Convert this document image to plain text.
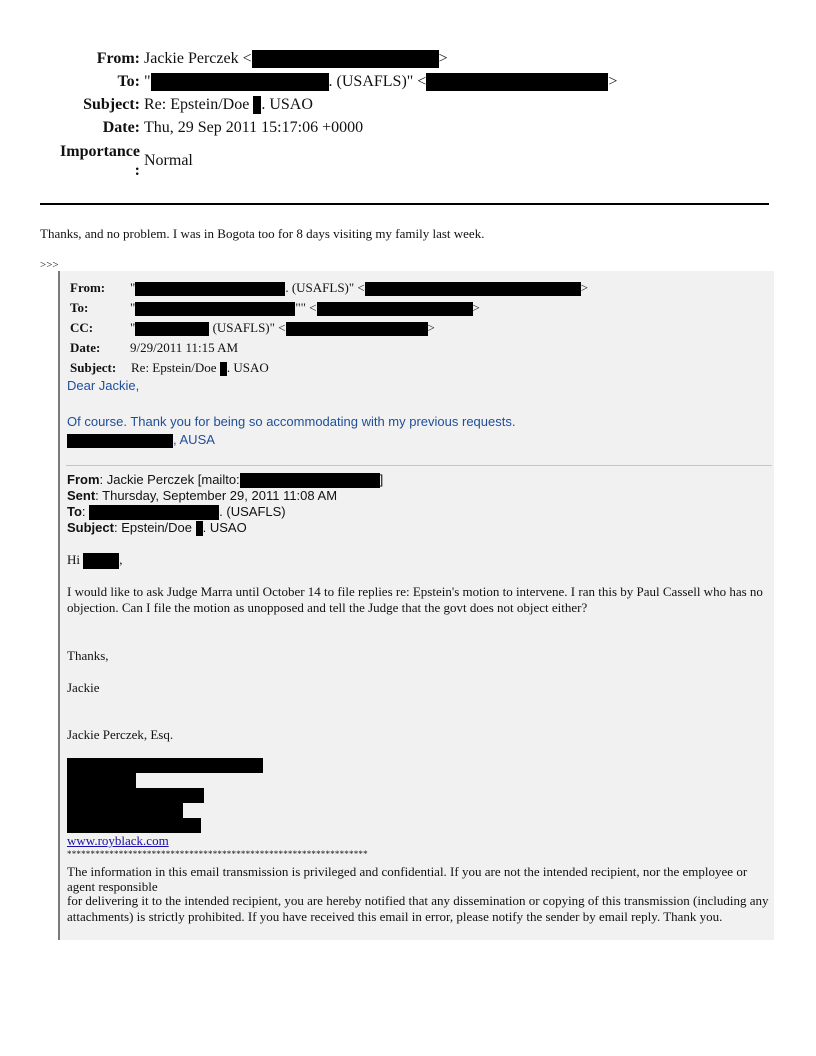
From: Jackie Perczek <	>
To: "	. (USAFLS)" <	>
Subject: Re: Epstein/Doe . USAO
Date: Thu, 29 Sep 2011 15:17:06 +0000
Importance
:
Normal
Thanks, and no problem. I was in Bogota too for 8 days visiting my family last week.
>>>
From: "	. (USAFLS)" <	>
To:	"	"" <	>
CC:	"	(USAFLS)" <	>
Date: 9/29/2011 11:15 AM
Subject: Re: Epstein/Doe . USAO
Dear Jackie,
Of course. Thank you for being so accommodating with my previous requests.
, AUSA
From: Jackie Perczek [mailto:	]
Sent: Thursday, September 29, 2011 11:08 AM
To:	. (USAFLS)
Subject: Epstein/Doe . USAO
Hi	,
I would like to ask Judge Marra until October 14 to file replies re: Epstein's motion to intervene. I ran this by Paul Cassell who has no objection. Can I file the motion as unopposed and tell the Judge that the govt does not object either?
Thanks,
Jackie
Jackie Perczek, Esq.
www.royblack.com
****************************************************************
The information in this email transmission is privileged and confidential. If you are not the intended recipient, nor the employee or agent responsible
for delivering it to the intended recipient, you are hereby notified that any dissemination or copying of this transmission (including any attachments) is strictly prohibited. If you have received this email in error, please notify the sender by email reply. Thank you.
